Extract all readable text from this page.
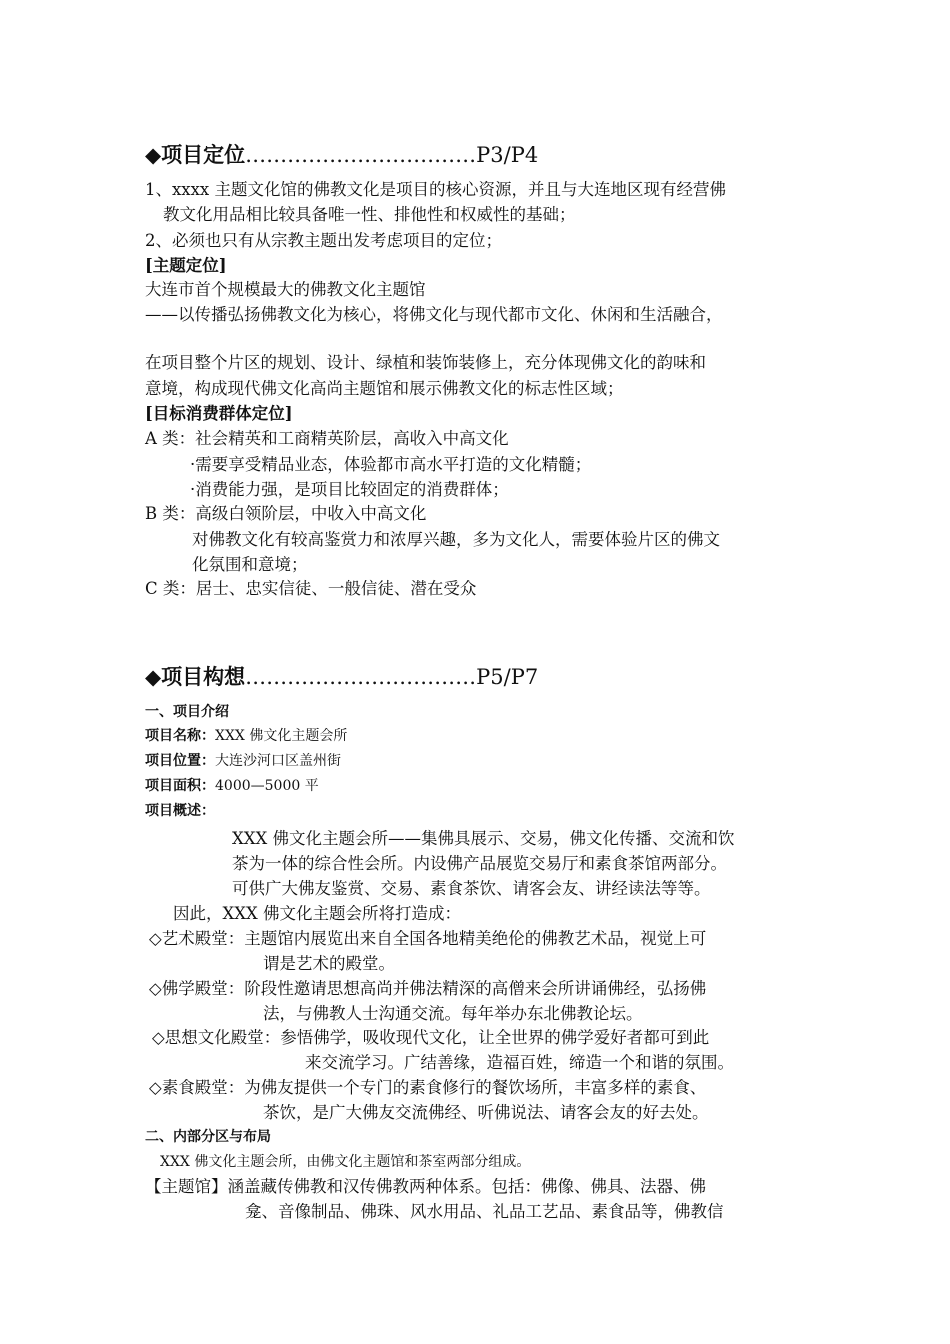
◆项目定位……………………………P3/P4
1、xxxx 主题文化馆的佛教文化是项目的核心资源，并且与大连地区现有经营佛
教文化用品相比较具备唯一性、排他性和权威性的基础；
2、必须也只有从宗教主题出发考虑项目的定位；
[主题定位]
大连市首个规模最大的佛教文化主题馆
——以传播弘扬佛教文化为核心，将佛文化与现代都市文化、休闲和生活融合，
在项目整个片区的规划、设计、绿植和装饰装修上，充分体现佛文化的韵味和
意境，构成现代佛文化高尚主题馆和展示佛教文化的标志性区域；
[目标消费群体定位]
A 类：社会精英和工商精英阶层，高收入中高文化
·需要享受精品业态，体验都市高水平打造的文化精髓；
·消费能力强，是项目比较固定的消费群体；
B 类：高级白领阶层，中收入中高文化
对佛教文化有较高鉴赏力和浓厚兴趣，多为文化人，需要体验片区的佛文
化氛围和意境；
C 类：居士、忠实信徒、一般信徒、潜在受众
◆项目构想……………………………P5/P7
一、项目介绍
项目名称：XXX 佛文化主题会所
项目位置：大连沙河口区盖州街
项目面积：4000—5000 平
项目概述：
XXX 佛文化主题会所——集佛具展示、交易，佛文化传播、交流和饮
茶为一体的综合性会所。内设佛产品展览交易厅和素食茶馆两部分。
可供广大佛友鉴赏、交易、素食茶饮、请客会友、讲经读法等等。
因此，XXX 佛文化主题会所将打造成：
◇艺术殿堂：主题馆内展览出来自全国各地精美绝伦的佛教艺术品，视觉上可
谓是艺术的殿堂。
◇佛学殿堂：阶段性邀请思想高尚并佛法精深的高僧来会所讲诵佛经，弘扬佛
法，与佛教人士沟通交流。每年举办东北佛教论坛。
◇思想文化殿堂：参悟佛学，吸收现代文化，让全世界的佛学爱好者都可到此
来交流学习。广结善缘，造福百姓，缔造一个和谐的氛围。
◇素食殿堂：为佛友提供一个专门的素食修行的餐饮场所，丰富多样的素食、
茶饮，是广大佛友交流佛经、听佛说法、请客会友的好去处。
二、内部分区与布局
XXX 佛文化主题会所，由佛文化主题馆和茶室两部分组成。
【主题馆】涵盖藏传佛教和汉传佛教两种体系。包括：佛像、佛具、法器、佛
龛、音像制品、佛珠、风水用品、礼品工艺品、素食品等，佛教信
